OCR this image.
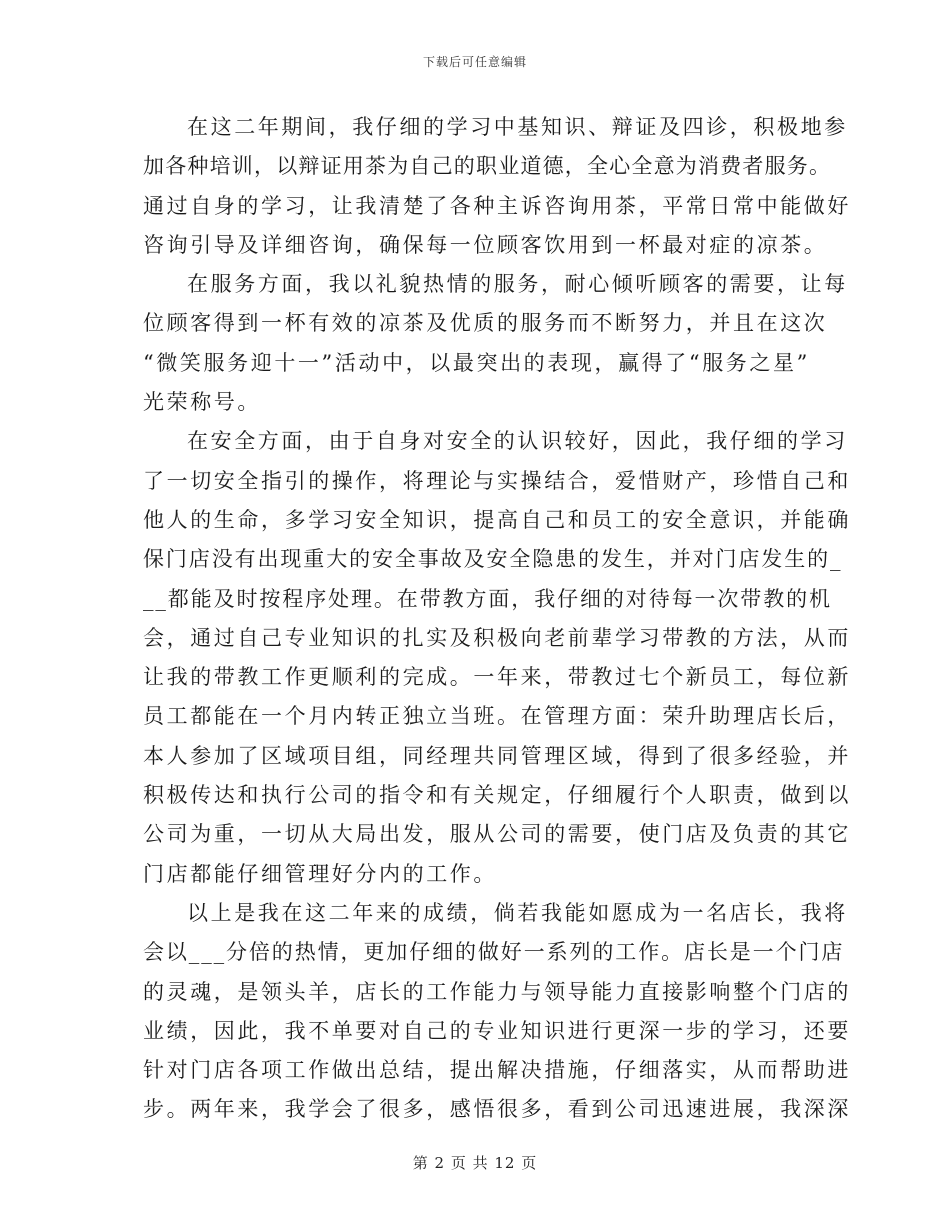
下载后可任意编辑
在这二年期间，我仔细的学习中基知识、辩证及四诊，积极地参
加各种培训，以辩证用茶为自己的职业道德，全心全意为消费者服务。
通过自身的学习，让我清楚了各种主诉咨询用茶，平常日常中能做好
咨询引导及详细咨询，确保每一位顾客饮用到一杯最对症的凉茶。
在服务方面，我以礼貌热情的服务，耐心倾听顾客的需要，让每
位顾客得到一杯有效的凉茶及优质的服务而不断努力，并且在这次
“微笑服务迎十一”活动中，以最突出的表现，赢得了“服务之星”
光荣称号。
在安全方面，由于自身对安全的认识较好，因此，我仔细的学习
了一切安全指引的操作，将理论与实操结合，爱惜财产，珍惜自己和
他人的生命，多学习安全知识，提高自己和员工的安全意识，并能确
保门店没有出现重大的安全事故及安全隐患的发生，并对门店发生的_
__都能及时按程序处理。在带教方面，我仔细的对待每一次带教的机
会，通过自己专业知识的扎实及积极向老前辈学习带教的方法，从而
让我的带教工作更顺利的完成。一年来，带教过七个新员工，每位新
员工都能在一个月内转正独立当班。在管理方面：荣升助理店长后，
本人参加了区域项目组，同经理共同管理区域，得到了很多经验，并
积极传达和执行公司的指令和有关规定，仔细履行个人职责，做到以
公司为重，一切从大局出发，服从公司的需要，使门店及负责的其它
门店都能仔细管理好分内的工作。
以上是我在这二年来的成绩，倘若我能如愿成为一名店长，我将
会以___分倍的热情，更加仔细的做好一系列的工作。店长是一个门店
的灵魂，是领头羊，店长的工作能力与领导能力直接影响整个门店的
业绩，因此，我不单要对自己的专业知识进行更深一步的学习，还要
针对门店各项工作做出总结，提出解决措施，仔细落实，从而帮助进
步。两年来，我学会了很多，感悟很多，看到公司迅速进展，我深深
第 2 页 共 12 页
